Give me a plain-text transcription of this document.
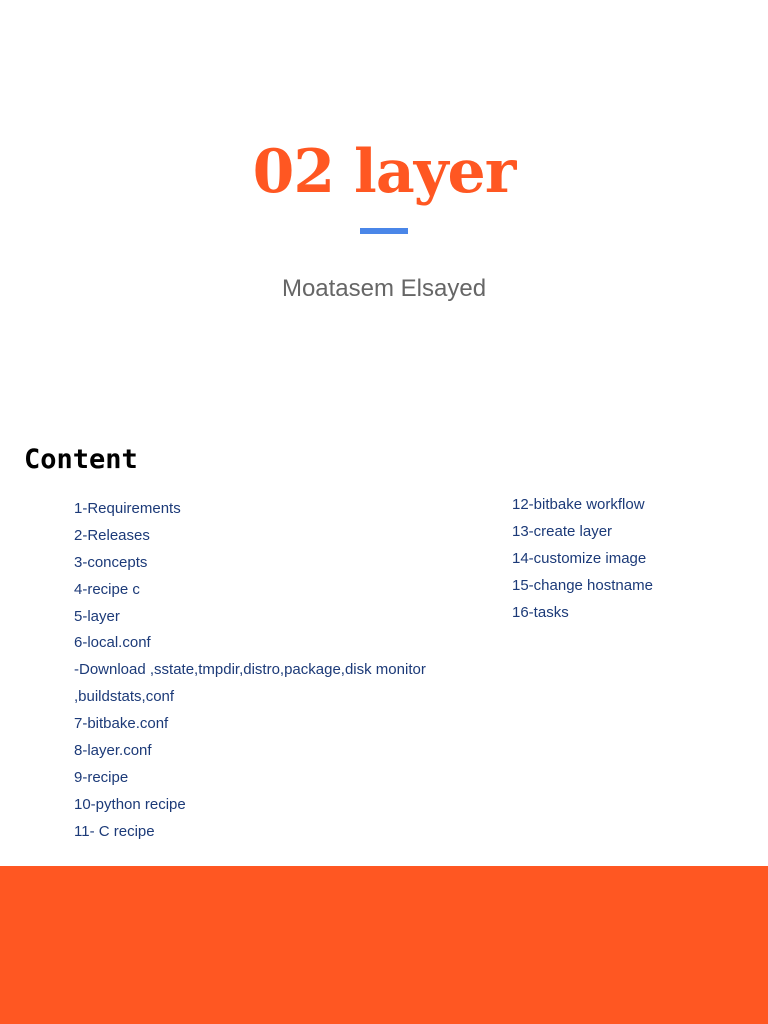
02 layer
Moatasem Elsayed
Content
1-Requirements
2-Releases
3-concepts
4-recipe c
5-layer
6-local.conf
-Download ,sstate,tmpdir,distro,package,disk monitor
,buildstats,conf
7-bitbake.conf
8-layer.conf
9-recipe
10-python recipe
11- C recipe
12-bitbake workflow
13-create layer
14-customize image
15-change hostname
16-tasks
